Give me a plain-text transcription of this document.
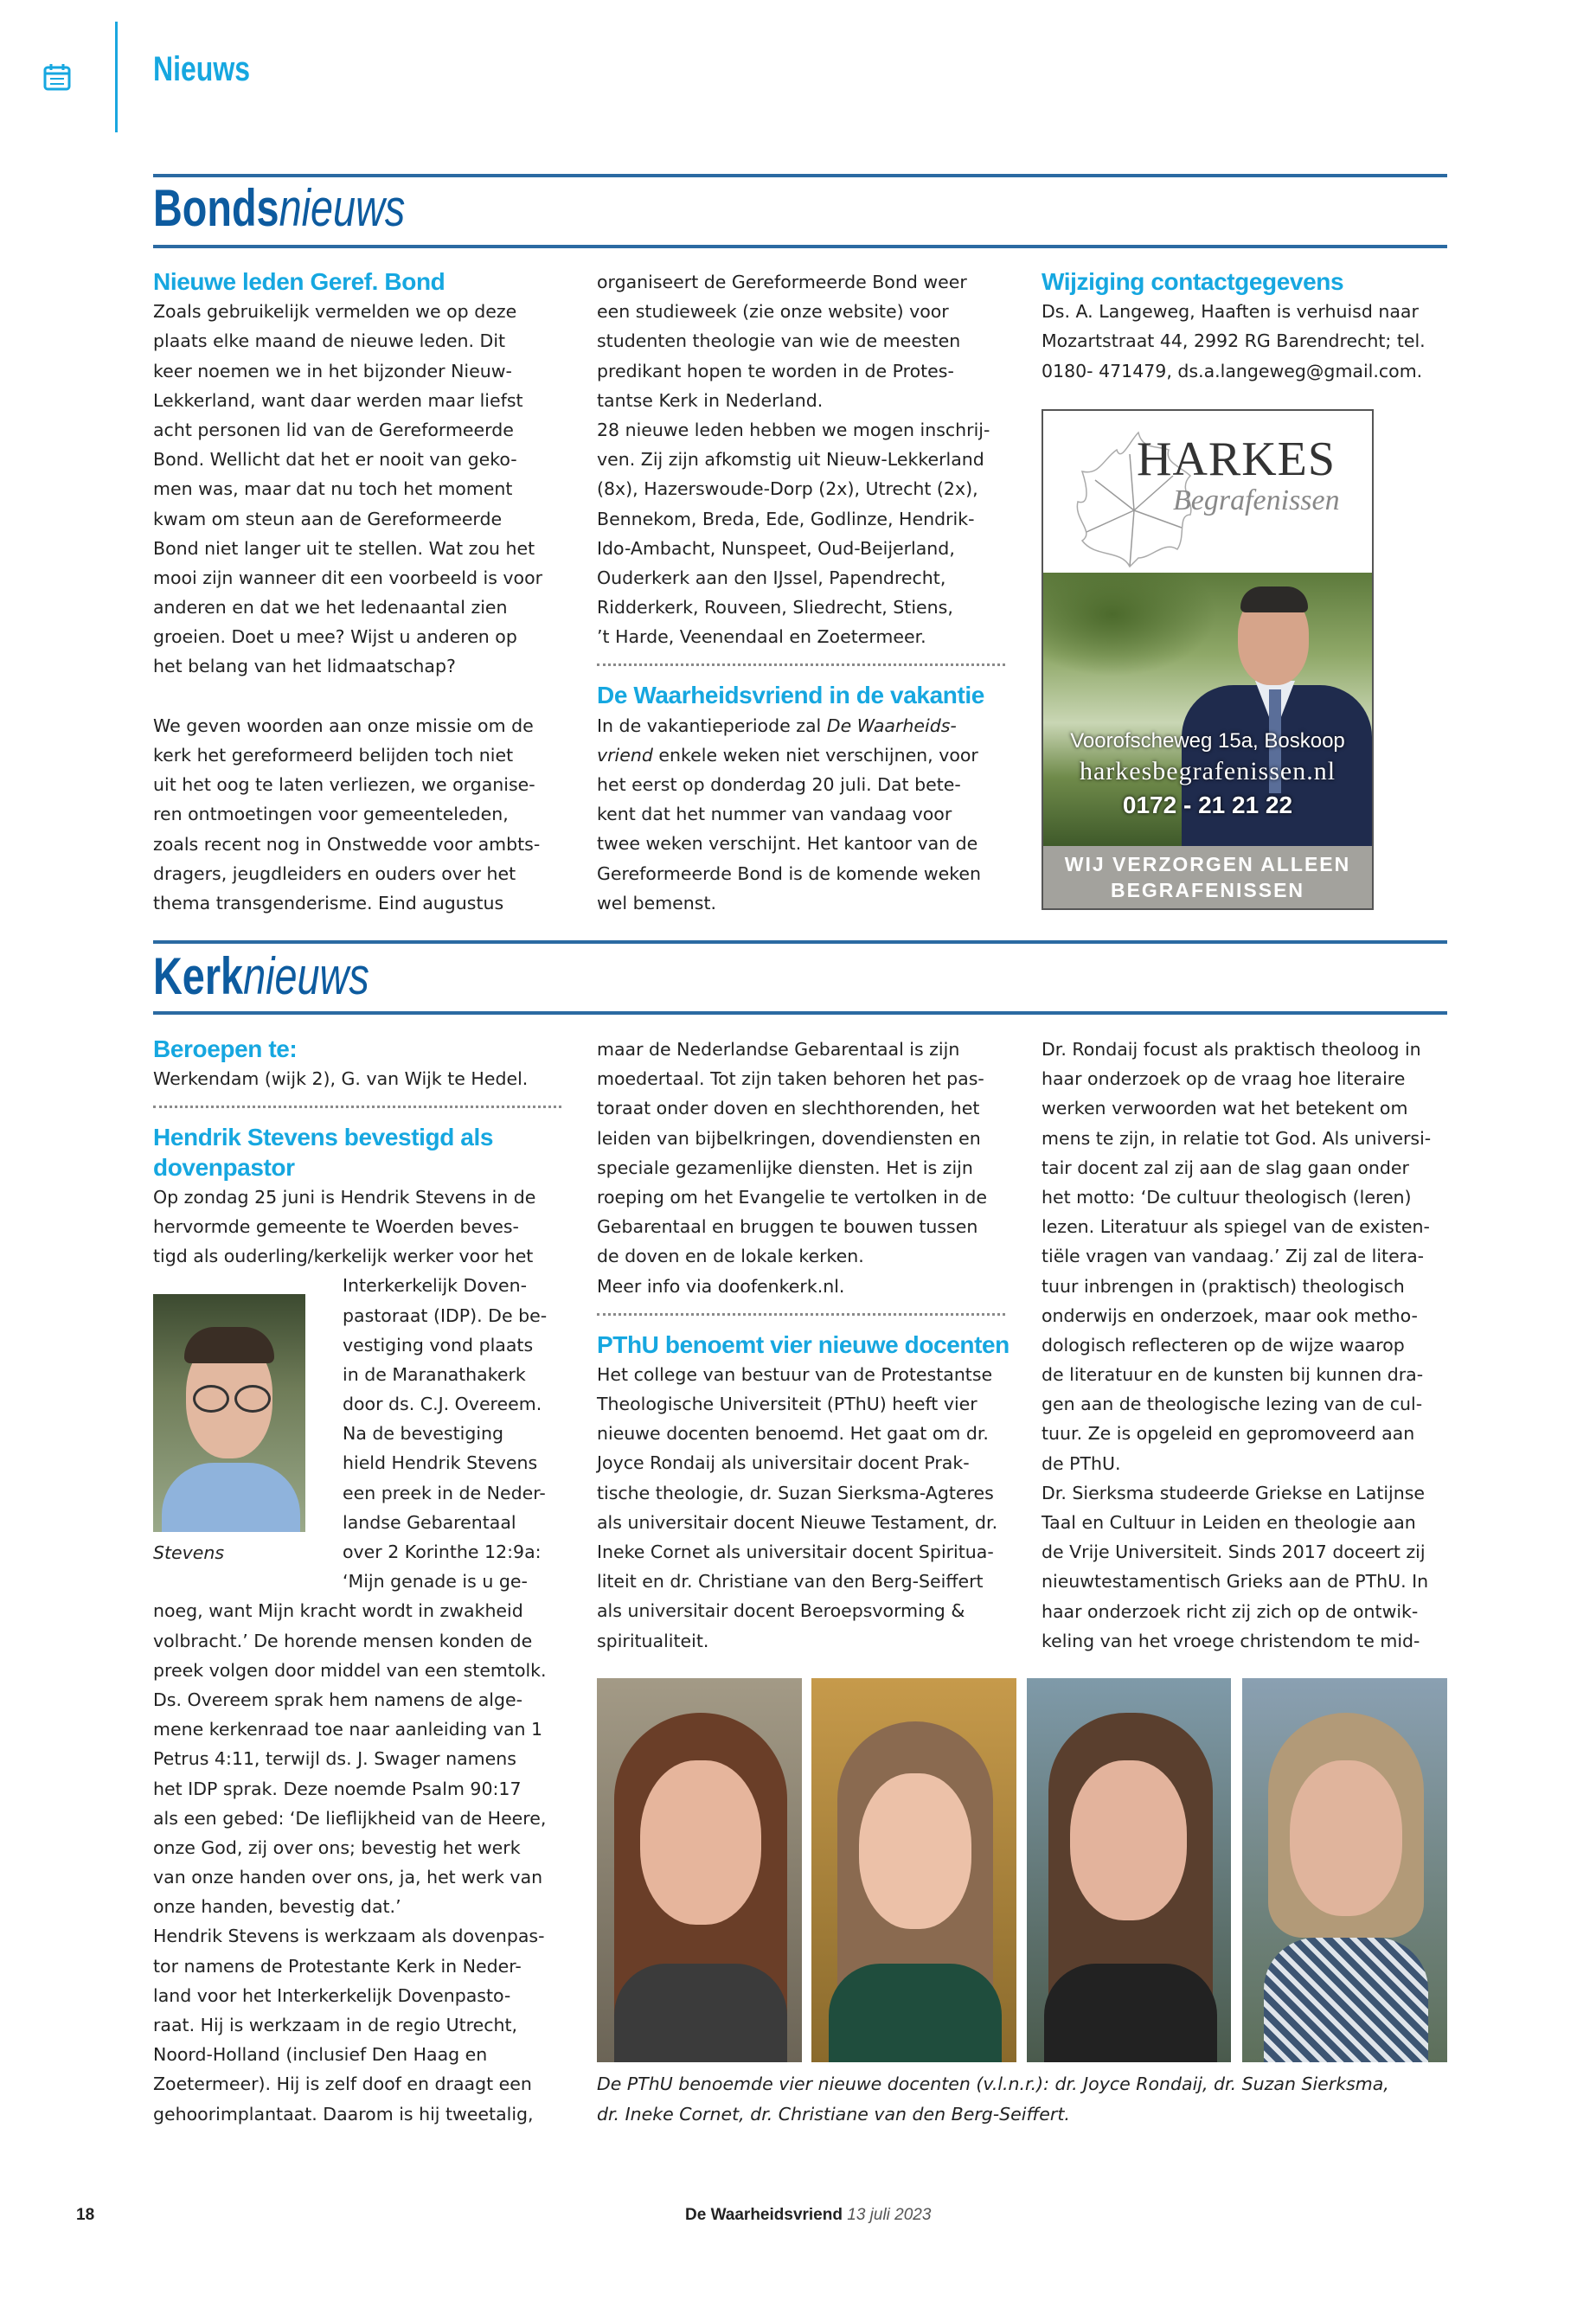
Nieuws
Bondsnieuws
Nieuwe leden Geref. Bond
Zoals gebruikelijk vermelden we op deze
plaats elke maand de nieuwe leden. Dit
keer noemen we in het bijzonder Nieuw-
Lekkerland, want daar werden maar liefst
acht personen lid van de Gereformeerde
Bond. Wellicht dat het er nooit van geko-
men was, maar dat nu toch het moment
kwam om steun aan de Gereformeerde
Bond niet langer uit te stellen. Wat zou het
mooi zijn wanneer dit een voorbeeld is voor
anderen en dat we het ledenaantal zien
groeien. Doet u mee? Wijst u anderen op
het belang van het lidmaatschap?
We geven woorden aan onze missie om de
kerk het gereformeerd belijden toch niet
uit het oog te laten verliezen, we organise-
ren ontmoetingen voor gemeenteleden,
zoals recent nog in Onstwedde voor ambts-
dragers, jeugdleiders en ouders over het
thema transgenderisme. Eind augustus
organiseert de Gereformeerde Bond weer
een studieweek (zie onze website) voor
studenten theologie van wie de meesten
predikant hopen te worden in de Protes-
tantse Kerk in Nederland.
28 nieuwe leden hebben we mogen inschrij-
ven. Zij zijn afkomstig uit Nieuw-Lekkerland
(8x), Hazerswoude-Dorp (2x), Utrecht (2x),
Bennekom, Breda, Ede, Godlinze, Hendrik-
Ido-Ambacht, Nunspeet, Oud-Beijerland,
Ouderkerk aan den IJssel, Papendrecht,
Ridderkerk, Rouveen, Sliedrecht, Stiens,
’t Harde, Veenendaal en Zoetermeer.
De Waarheidsvriend in de vakantie
In de vakantieperiode zal De Waarheids-
vriend enkele weken niet verschijnen, voor
het eerst op donderdag 20 juli. Dat bete-
kent dat het nummer van vandaag voor
twee weken verschijnt. Het kantoor van de
Gereformeerde Bond is de komende weken
wel bemenst.
Wijziging contactgegevens
Ds. A. Langeweg, Haaften is verhuisd naar
Mozartstraat 44, 2992 RG Barendrecht; tel.
0180- 471479, ds.a.langeweg@gmail.com.
HARKES
Begrafenissen
Voorofscheweg 15a, Boskoop
harkesbegrafenissen.nl
0172 - 21 21 22
WIJ VERZORGEN ALLEEN
BEGRAFENISSEN
Kerknieuws
Beroepen te:
Werkendam (wijk 2), G. van Wijk te Hedel.
Hendrik Stevens bevestigd als
dovenpastor
Op zondag 25 juni is Hendrik Stevens in de
hervormde gemeente te Woerden beves-
tigd als ouderling/kerkelijk werker voor het
Interkerkelijk Doven-
pastoraat (IDP). De be-
vestiging vond plaats
in de Maranathakerk
door ds. C.J. Overeem.
Na de bevestiging
hield Hendrik Stevens
een preek in de Neder-
landse Gebarentaal
over 2 Korinthe 12:9a:
‘Mijn genade is u ge-
noeg, want Mijn kracht wordt in zwakheid
volbracht.’ De horende mensen konden de
preek volgen door middel van een stemtolk.
Ds. Overeem sprak hem namens de alge-
mene kerkenraad toe naar aanleiding van 1
Petrus 4:11, terwijl ds. J. Swager namens
het IDP sprak. Deze noemde Psalm 90:17
als een gebed: ‘De lieflijkheid van de Heere,
onze God, zij over ons; bevestig het werk
van onze handen over ons, ja, het werk van
onze handen, bevestig dat.’
Hendrik Stevens is werkzaam als dovenpas-
tor namens de Protestante Kerk in Neder-
land voor het Interkerkelijk Dovenpasto-
raat. Hij is werkzaam in de regio Utrecht,
Noord-Holland (inclusief Den Haag en
Zoetermeer). Hij is zelf doof en draagt een
gehoorimplantaat. Daarom is hij tweetalig,
Stevens
maar de Nederlandse Gebarentaal is zijn
moedertaal. Tot zijn taken behoren het pas-
toraat onder doven en slechthorenden, het
leiden van bijbelkringen, dovendiensten en
speciale gezamenlijke diensten. Het is zijn
roeping om het Evangelie te vertolken in de
Gebarentaal en bruggen te bouwen tussen
de doven en de lokale kerken.
Meer info via doofenkerk.nl.
PThU benoemt vier nieuwe docenten
Het college van bestuur van de Protestantse
Theologische Universiteit (PThU) heeft vier
nieuwe docenten benoemd. Het gaat om dr.
Joyce Rondaij als universitair docent Prak-
tische theologie, dr. Suzan Sierksma-Agteres
als universitair docent Nieuwe Testament, dr.
Ineke Cornet als universitair docent Spiritua-
liteit en dr. Christiane van den Berg-Seiffert
als universitair docent Beroepsvorming &
spiritualiteit.
Dr. Rondaij focust als praktisch theoloog in
haar onderzoek op de vraag hoe literaire
werken verwoorden wat het betekent om
mens te zijn, in relatie tot God. Als universi-
tair docent zal zij aan de slag gaan onder
het motto: ‘De cultuur theologisch (leren)
lezen. Literatuur als spiegel van de existen-
tiële vragen van vandaag.’ Zij zal de litera-
tuur inbrengen in (praktisch) theologisch
onderwijs en onderzoek, maar ook metho-
dologisch reflecteren op de wijze waarop
de literatuur en de kunsten bij kunnen dra-
gen aan de theologische lezing van de cul-
tuur. Ze is opgeleid en gepromoveerd aan
de PThU.
Dr. Sierksma studeerde Griekse en Latijnse
Taal en Cultuur in Leiden en theologie aan
de Vrije Universiteit. Sinds 2017 doceert zij
nieuwtestamentisch Grieks aan de PThU. In
haar onderzoek richt zij zich op de ontwik-
keling van het vroege christendom te mid-
De PThU benoemde vier nieuwe docenten (v.l.n.r.): dr. Joyce Rondaij, dr. Suzan Sierksma,
dr. Ineke Cornet, dr. Christiane van den Berg-Seiffert.
18	De Waarheidsvriend 13 juli 2023
